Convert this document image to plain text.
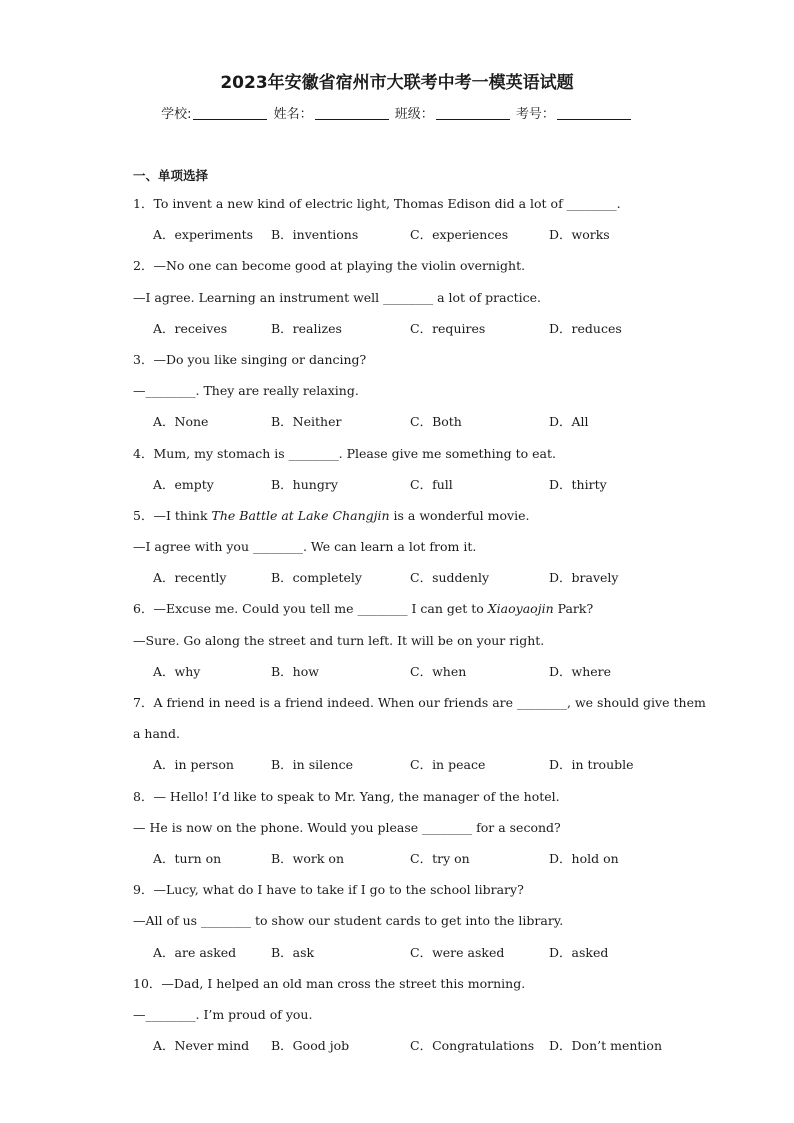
2023年安徽省宿州市大联考中考一模英语试题
学校:	姓名：	班级：	考号：
一、单项选择
1．To invent a new kind of electric light, Thomas Edison did a lot of ________.
A．experiments B．inventions	C．experiences	D．works
2．—No one can become good at playing the violin overnight.
—I agree. Learning an instrument well ________ a lot of practice.
A．receives	B．realizes	C．requires	D．reduces
3．—Do you like singing or dancing?
—________. They are really relaxing.
A．None	B．Neither	C．Both	D．All
4．Mum, my stomach is ________. Please give me something to eat.
A．empty	B．hungry	C．full	D．thirty
5．—I think The Battle at Lake Changjin is a wonderful movie.
—I agree with you ________. We can learn a lot from it.
A．recently	B．completely	C．suddenly	D．bravely
6．—Excuse me. Could you tell me ________ I can get to Xiaoyaojin Park?
—Sure. Go along the street and turn left. It will be on your right.
A．why	B．how	C．when	D．where
7．A friend in need is a friend indeed. When our friends are ________, we should give them
a hand.
A．in person	B．in silence	C．in peace	D．in trouble
8．— Hello! I’d like to speak to Mr. Yang, the manager of the hotel.
— He is now on the phone. Would you please ________ for a second?
A．turn on	B．work on	C．try on	D．hold on
9．—Lucy, what do I have to take if I go to the school library?
—All of us ________ to show our student cards to get into the library.
A．are asked	B．ask	C．were asked	D．asked
10．—Dad, I helped an old man cross the street this morning.
—________. I’m proud of you.
A．Never mind B．Good job	C．Congratulations D．Don’t mention
